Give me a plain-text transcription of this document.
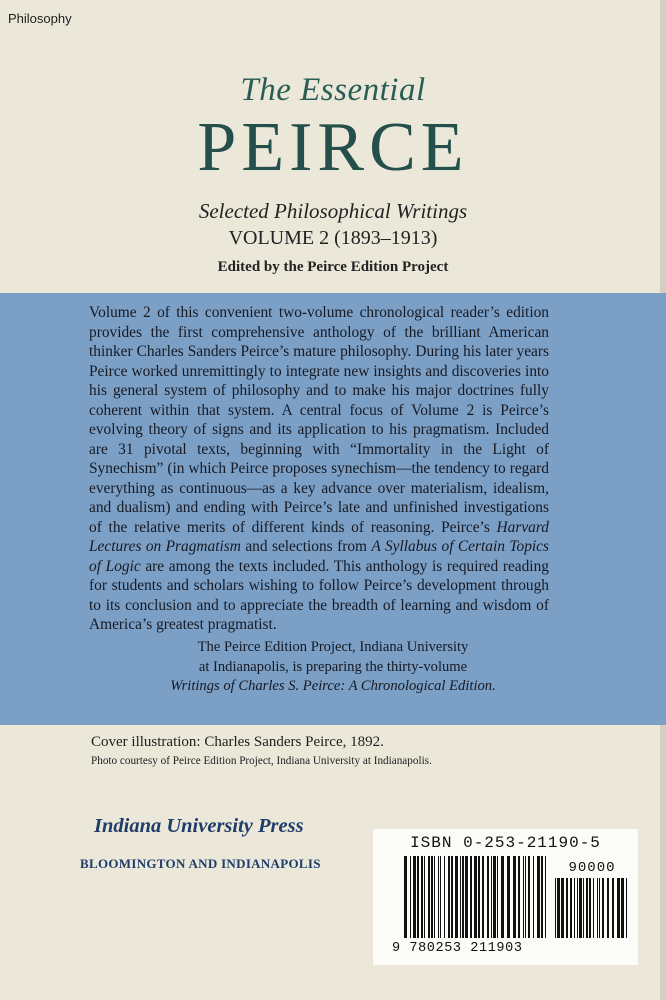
Philosophy
The Essential
PEIRCE
Selected Philosophical Writings
VOLUME 2 (1893–1913)
Edited by the Peirce Edition Project
Volume 2 of this convenient two-volume chronological reader’s edition provides the first comprehensive anthology of the brilliant American thinker Charles Sanders Peirce’s mature philosophy. During his later years Peirce worked unremittingly to integrate new insights and discoveries into his general system of philosophy and to make his major doctrines fully coherent within that system. A central focus of Volume 2 is Peirce’s evolving theory of signs and its application to his pragmatism. Included are 31 pivotal texts, beginning with “Immortality in the Light of Synechism” (in which Peirce proposes synechism—the tendency to regard everything as continuous—as a key advance over materialism, idealism, and dualism) and ending with Peirce’s late and unfinished investigations of the relative merits of different kinds of reasoning. Peirce’s Harvard Lectures on Pragmatism and selections from A Syllabus of Certain Topics of Logic are among the texts included. This anthology is required reading for students and scholars wishing to follow Peirce’s development through to its conclusion and to appreciate the breadth of learning and wisdom of America’s greatest pragmatist.
The Peirce Edition Project, Indiana University
at Indianapolis, is preparing the thirty-volume
Writings of Charles S. Peirce: A Chronological Edition.
Cover illustration: Charles Sanders Peirce, 1892.
Photo courtesy of Peirce Edition Project, Indiana University at Indianapolis.
Indiana University Press
BLOOMINGTON AND INDIANAPOLIS
ISBN 0-253-21190-5
90000
9 780253 211903
